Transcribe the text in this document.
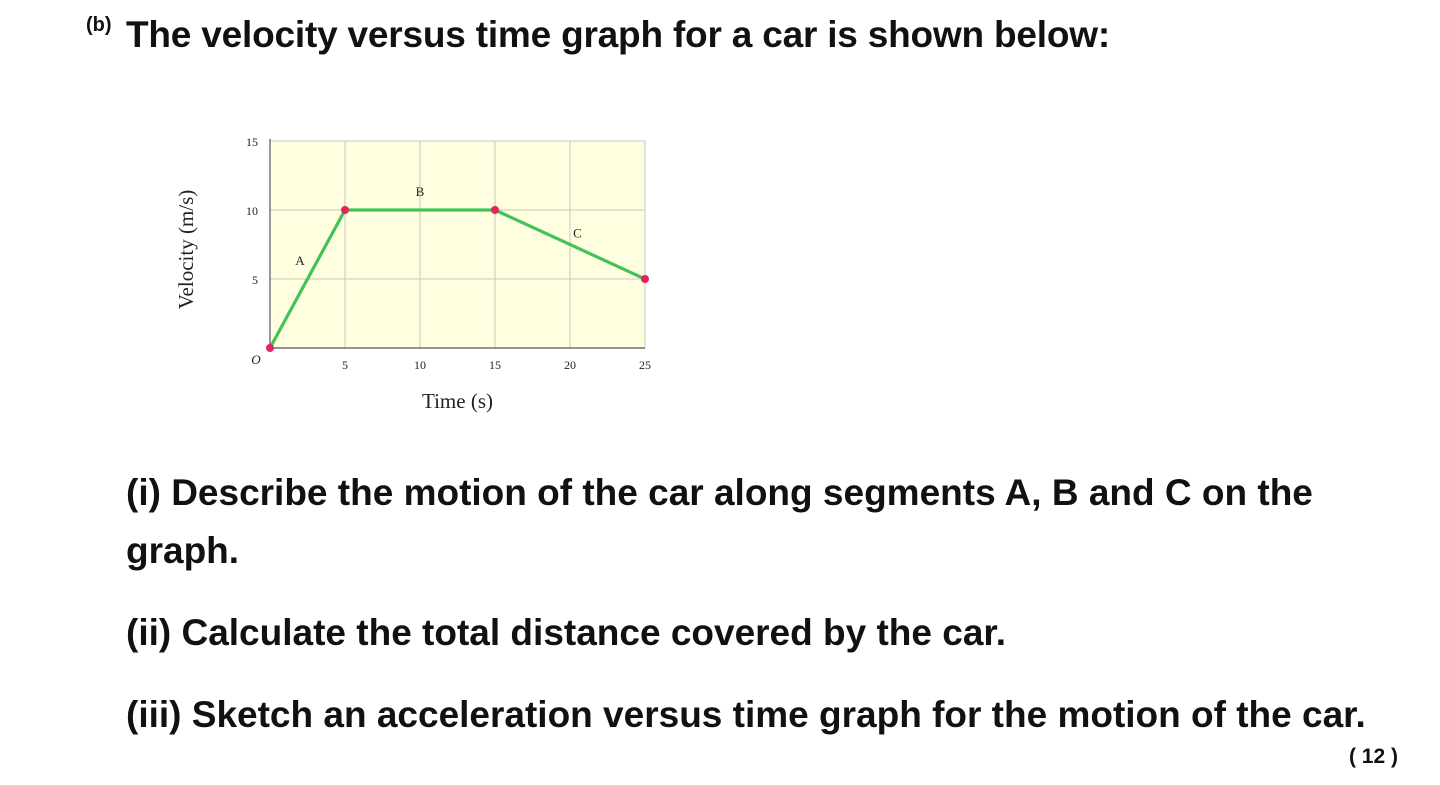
(b) The velocity versus time graph for a car is shown below:
5	10	15	20	25
5
10
15
O
Time (s)
Velocity (m/s)	A
B
C
(i) Describe the motion of the car along segments A, B and C on the graph.
(ii) Calculate the total distance covered by the car.
(iii) Sketch an acceleration versus time graph for the motion of the car.
( 12 )
